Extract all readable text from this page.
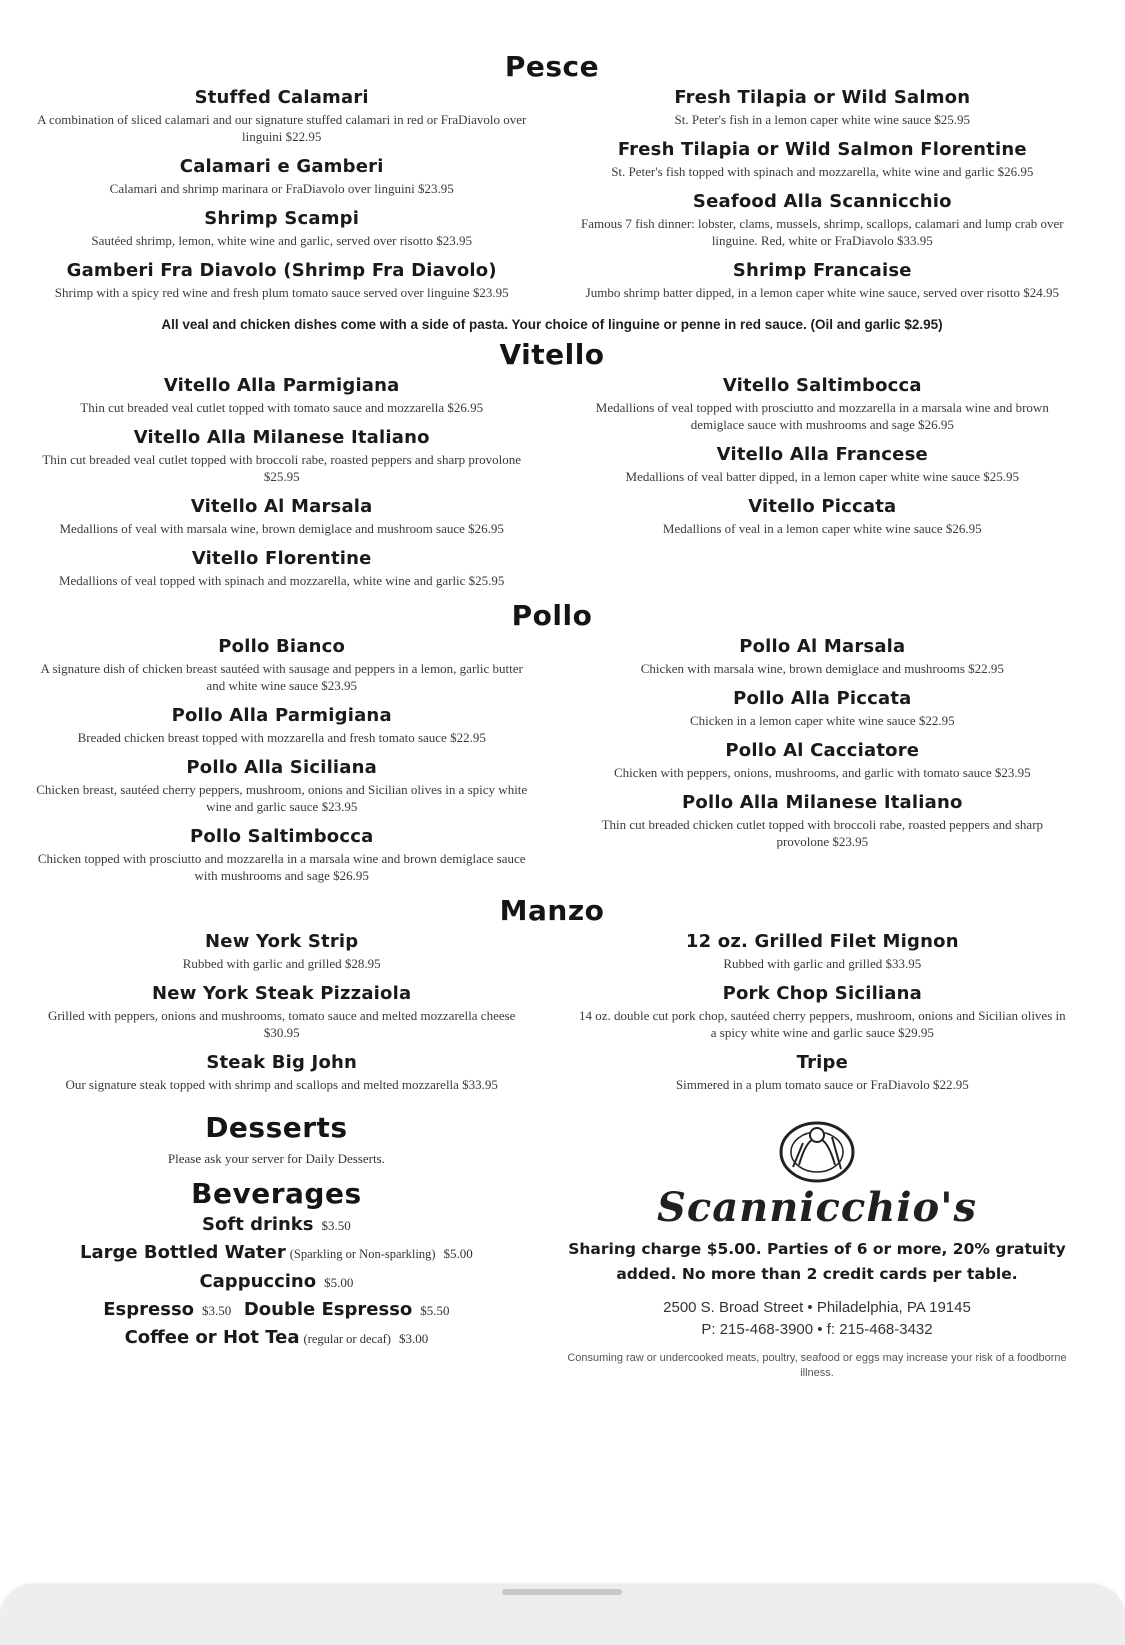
Pesce
Stuffed Calamari
A combination of sliced calamari and our signature stuffed calamari in red or FraDiavolo over linguini $22.95
Calamari e Gamberi
Calamari and shrimp marinara or FraDiavolo over linguini $23.95
Shrimp Scampi
Sautéed shrimp, lemon, white wine and garlic, served over risotto $23.95
Gamberi Fra Diavolo (Shrimp Fra Diavolo)
Shrimp with a spicy red wine and fresh plum tomato sauce served over linguine $23.95
Fresh Tilapia or Wild Salmon
St. Peter's fish in a lemon caper white wine sauce $25.95
Fresh Tilapia or Wild Salmon Florentine
St. Peter's fish topped with spinach and mozzarella, white wine and garlic $26.95
Seafood Alla Scannicchio
Famous 7 fish dinner: lobster, clams, mussels, shrimp, scallops, calamari and lump crab over linguine. Red, white or FraDiavolo $33.95
Shrimp Francaise
Jumbo shrimp batter dipped, in a lemon caper white wine sauce, served over risotto $24.95
All veal and chicken dishes come with a side of pasta. Your choice of linguine or penne in red sauce. (Oil and garlic $2.95)
Vitello
Vitello Alla Parmigiana
Thin cut breaded veal cutlet topped with tomato sauce and mozzarella $26.95
Vitello Alla Milanese Italiano
Thin cut breaded veal cutlet topped with broccoli rabe, roasted peppers and sharp provolone $25.95
Vitello Al Marsala
Medallions of veal with marsala wine, brown demiglace and mushroom sauce $26.95
Vitello Florentine
Medallions of veal topped with spinach and mozzarella, white wine and garlic $25.95
Vitello Saltimbocca
Medallions of veal topped with prosciutto and mozzarella in a marsala wine and brown demiglace sauce with mushrooms and sage $26.95
Vitello Alla Francese
Medallions of veal batter dipped, in a lemon caper white wine sauce $25.95
Vitello Piccata
Medallions of veal in a lemon caper white wine sauce $26.95
Pollo
Pollo Bianco
A signature dish of chicken breast sautéed with sausage and peppers in a lemon, garlic butter and white wine sauce $23.95
Pollo Alla Parmigiana
Breaded chicken breast topped with mozzarella and fresh tomato sauce $22.95
Pollo Alla Siciliana
Chicken breast, sautéed cherry peppers, mushroom, onions and Sicilian olives in a spicy white wine and garlic sauce $23.95
Pollo Saltimbocca
Chicken topped with prosciutto and mozzarella in a marsala wine and brown demiglace sauce with mushrooms and sage $26.95
Pollo Al Marsala
Chicken with marsala wine, brown demiglace and mushrooms $22.95
Pollo Alla Piccata
Chicken in a lemon caper white wine sauce $22.95
Pollo Al Cacciatore
Chicken with peppers, onions, mushrooms, and garlic with tomato sauce $23.95
Pollo Alla Milanese Italiano
Thin cut breaded chicken cutlet topped with broccoli rabe, roasted peppers and sharp provolone $23.95
Manzo
New York Strip
Rubbed with garlic and grilled $28.95
New York Steak Pizzaiola
Grilled with peppers, onions and mushrooms, tomato sauce and melted mozzarella cheese $30.95
Steak Big John
Our signature steak topped with shrimp and scallops and melted mozzarella $33.95
12 oz. Grilled Filet Mignon
Rubbed with garlic and grilled $33.95
Pork Chop Siciliana
14 oz. double cut pork chop, sautéed cherry peppers, mushroom, onions and Sicilian olives in a spicy white wine and garlic sauce $29.95
Tripe
Simmered in a plum tomato sauce or FraDiavolo $22.95
Desserts
Please ask your server for Daily Desserts.
Beverages
Soft drinks $3.50
Large Bottled Water (Sparkling or Non-sparkling) $5.00
Cappuccino $5.00
Espresso $3.50 Double Espresso $5.50
Coffee or Hot Tea (regular or decaf) $3.00
Scannicchio's
Sharing charge $5.00. Parties of 6 or more, 20% gratuity added. No more than 2 credit cards per table.
2500 S. Broad Street • Philadelphia, PA 19145
P: 215-468-3900 • f: 215-468-3432
Consuming raw or undercooked meats, poultry, seafood or eggs may increase your risk of a foodborne illness.
